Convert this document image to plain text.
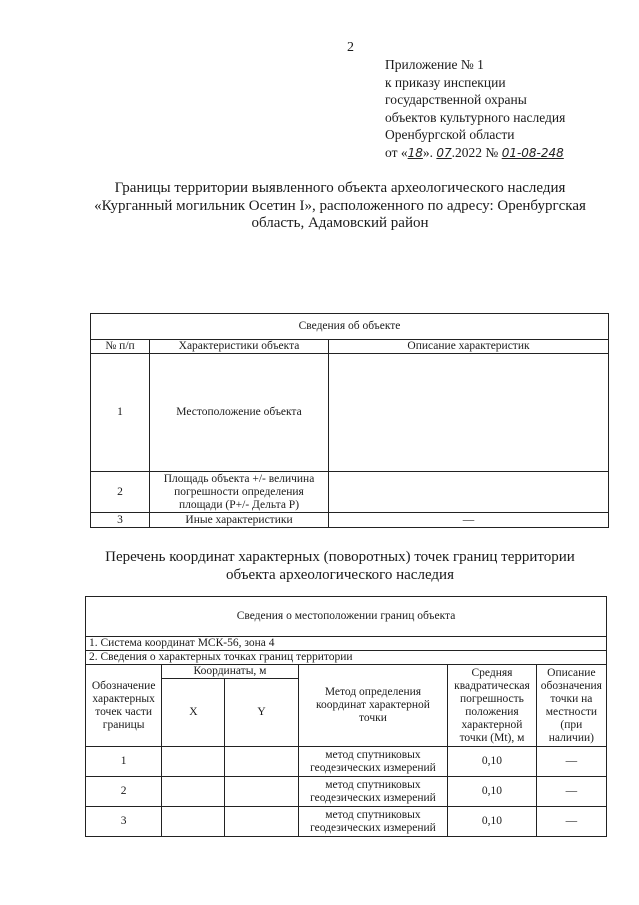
2
Приложение № 1
к приказу инспекции
государственной охраны
объектов культурного наследия
Оренбургской области
от «18». 07.2022 № 01-08-248
Границы территории выявленного объекта археологического наследия
«Курганный могильник Осетин I», расположенного по адресу: Оренбургская
область, Адамовский район
Сведения об объекте		
№ п/п	Характеристики объекта	Описание характеристик
1	Местоположение объекта	
2	Площадь объекта +/- величина погрешности определения площади (P+/- Дельта P)	
3	Иные характеристики	—
Перечень координат характерных (поворотных) точек границ территории
объекта археологического наследия
Сведения о местоположении границ объекта					
1. Система координат МСК-56, зона 4					
2. Сведения о характерных точках границ территории					
Обозначение характерных точек части границы	Координаты, м		Метод определения координат характерной точки	Средняя квадратическая погрешность положения характерной точки (Mt), м	Описание обозначения точки на местности (при наличии)
	X	Y			
1			метод спутниковых геодезических измерений	0,10	—
2			метод спутниковых геодезических измерений	0,10	—
3			метод спутниковых геодезических измерений	0,10	—
